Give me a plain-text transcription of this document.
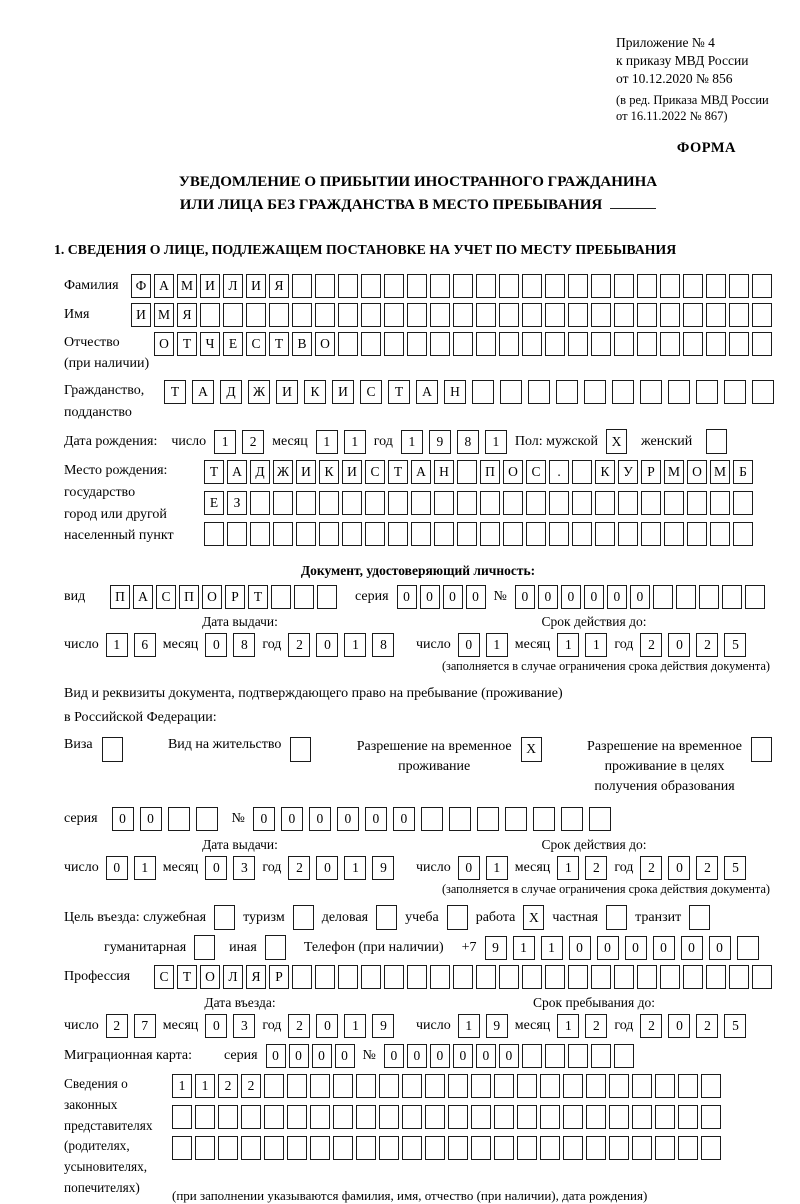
Приложение № 4
к приказу МВД России
от 10.12.2020 № 856
(в ред. Приказа МВД России
от 16.11.2022 № 867)
ФОРМА
УВЕДОМЛЕНИЕ О ПРИБЫТИИ ИНОСТРАННОГО ГРАЖДАНИНА
ИЛИ ЛИЦА БЕЗ ГРАЖДАНСТВА В МЕСТО ПРЕБЫВАНИЯ
1. СВЕДЕНИЯ О ЛИЦЕ, ПОДЛЕЖАЩЕМ ПОСТАНОВКЕ НА УЧЕТ ПО МЕСТУ ПРЕБЫВАНИЯ
Фамилия	Ф А М И	Л	И	Я
Имя	И М Я
Отчество
(при наличии)
О	Т	Ч	Е	С	Т	В	О
Гражданство,
подданство
Т	А	Д	Ж	И	К	И	С	Т	А	Н
Дата рождения: число	1	2	месяц	1	1	год	1	9	8	1	Пол: мужской	X	женский
Место рождения:
государство
город или другой
населенный пункт
Т	А	Д Ж И	К	И	С	Т	А Н	П О	С	.	К	У	Р М О М Б
Е	З
Документ, удостоверяющий личность:
вид	П А	С	П О	Р	Т	серия	0	0	0	0	№	0	0	0	0	0	0
Дата выдачи:
число	1	6	месяц	0	8	год	2	0	1	8
Срок действия до:
число	0	1	месяц	1	1	год	2	0	2	5
(заполняется в случае ограничения срока действия документа)
Вид и реквизиты документа, подтверждающего право на пребывание (проживание)
в Российской Федерации:
Виза	Вид на жительство	Разрешение на временное
проживание
X	Разрешение на временное
проживание в целях
получения образования
серия	0	0	№	0	0	0	0	0	0
Дата выдачи:
число	0	1	месяц	0	3	год	2	0	1	9
Срок действия до:
число	0	1	месяц	1	2	год	2	0	2	5
(заполняется в случае ограничения срока действия документа)
Цель въезда: служебная	туризм	деловая	учеба	работа	X частная	транзит
гуманитарная	иная	Телефон (при наличии) +7	9	1	1	0	0	0	0	0	0
Профессия	С	Т	О	Л	Я	Р
Дата въезда:
число	2	7	месяц	0	3	год	2	0	1	9
Срок пребывания до:
число	1	9	месяц	1	2	год	2	0	2	5
Миграционная карта:	серия	0	0	0	0	№	0	0	0	0	0	0
Сведения о
законных
представителях
(родителях,
усыновителях,
попечителях)
1	1	2	2
(при заполнении указываются фамилия, имя, отчество (при наличии), дата рождения)
